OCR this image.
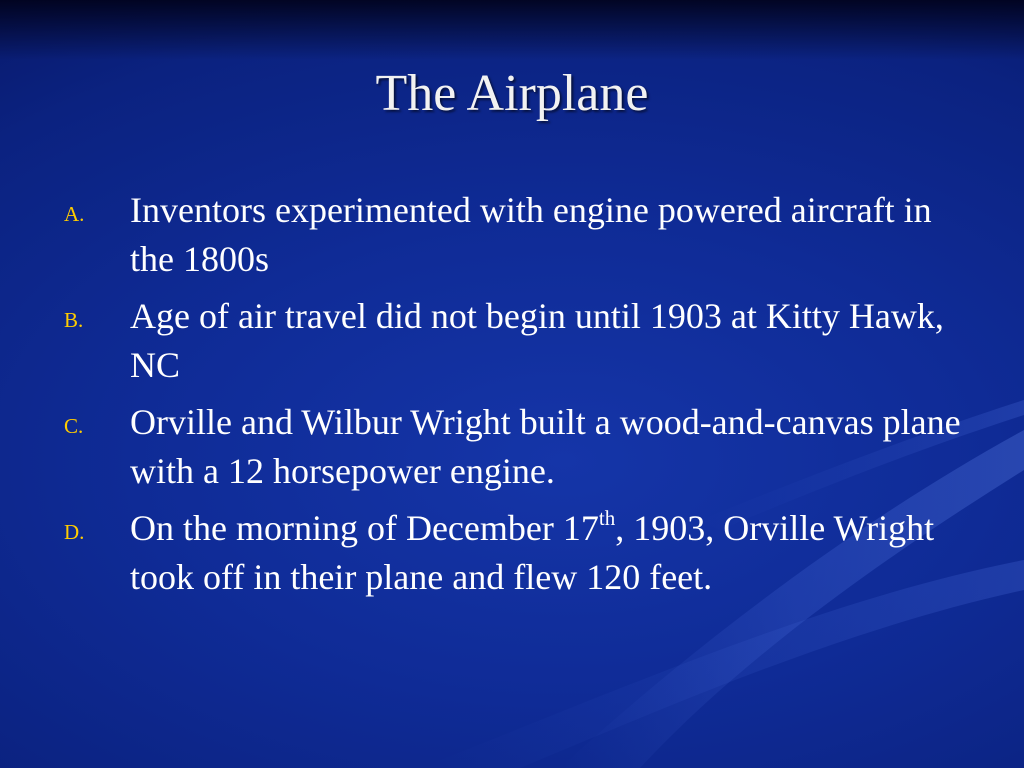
The Airplane
A. Inventors experimented with engine powered aircraft in the 1800s
B. Age of air travel did not begin until 1903 at Kitty Hawk, NC
C. Orville and Wilbur Wright built a wood-and-canvas plane with a 12 horsepower engine.
D. On the morning of December 17th, 1903, Orville Wright took off in their plane and flew 120 feet.
